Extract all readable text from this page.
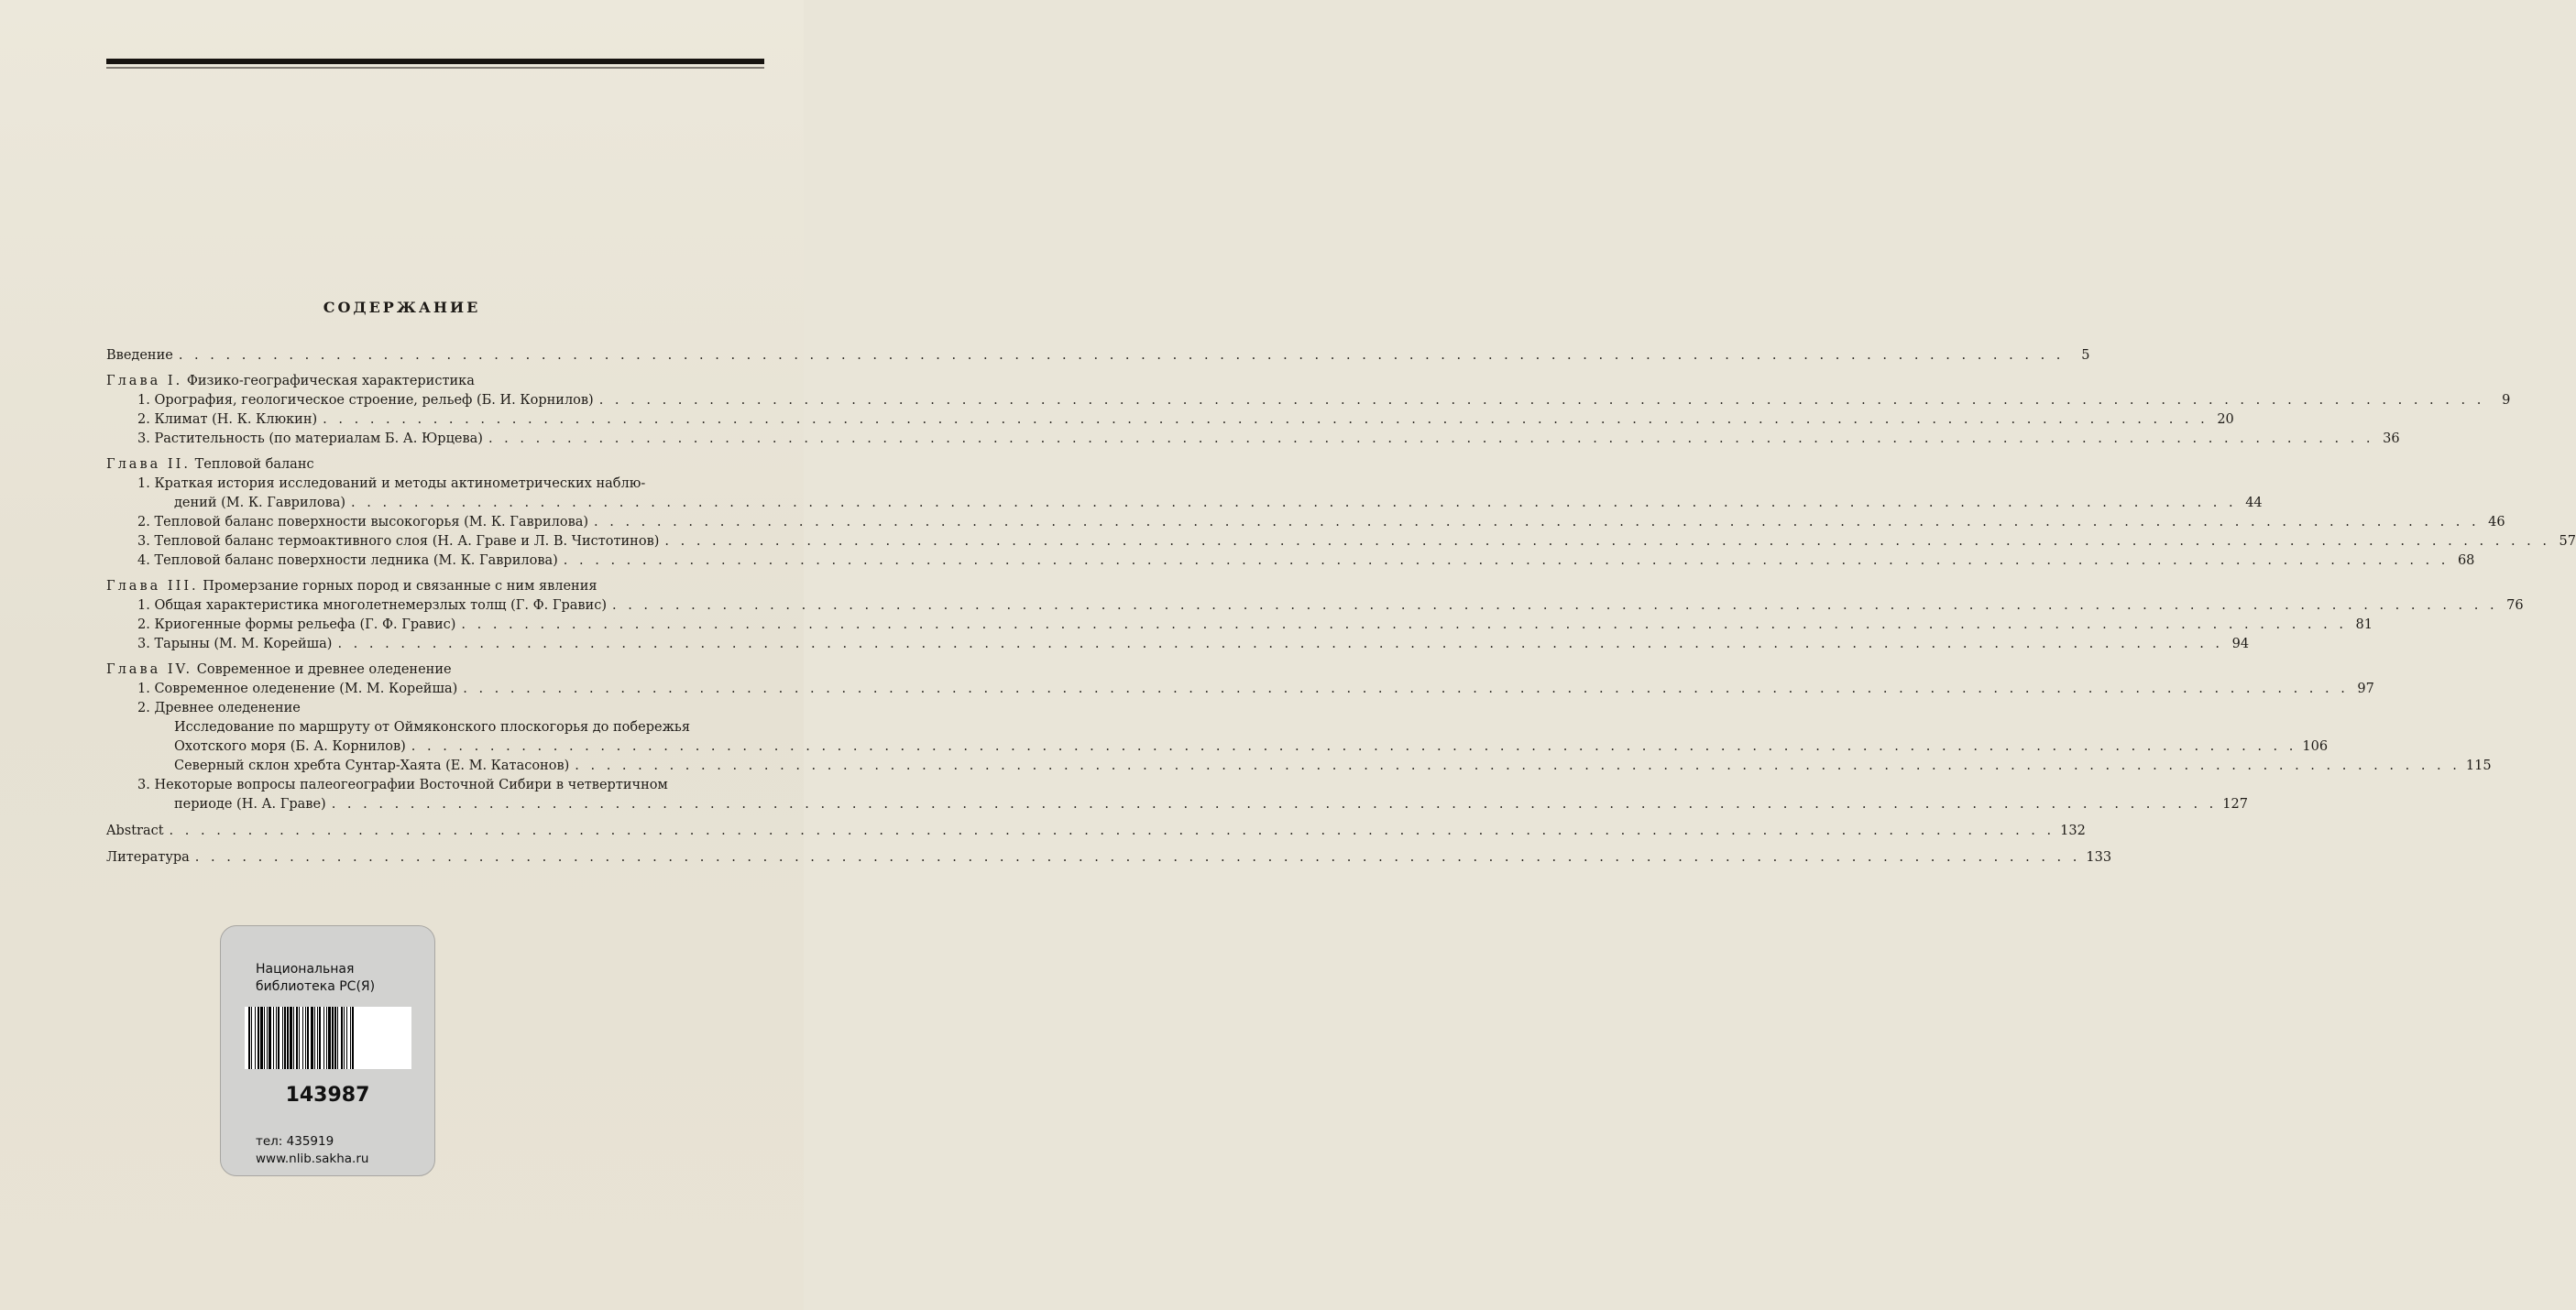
СОДЕРЖАНИЕ
Введение . . . . . . . . . . . . . . . . . . . . . . . . . . . . . . . . . . . . . . . . . . . . . . . . . . . . . . . . . . . . . . . . . . . . . . . . . . . . . . . . . . . . . . . . . . . . . . . . . . . . . . . . . . . . . . . . . . . . . . . .	5
Глава I.
Физико-географическая характеристика
1. Орография, геологическое строение, рельеф (Б. И. Корнилов) . . . . . . . . . . . . . . . . . . . . . . . . . . . . . . . . . . . . . . . . . . . . . . . . . . . . . . . . . . . . . . . . . . . . . . . . . . . . . . . . . . . . . . . . . . . . . . . . . . . . . . . . . . . . . . . . . . . . . . . .	9
2. Климат (Н. К. Клюкин) . . . . . . . . . . . . . . . . . . . . . . . . . . . . . . . . . . . . . . . . . . . . . . . . . . . . . . . . . . . . . . . . . . . . . . . . . . . . . . . . . . . . . . . . . . . . . . . . . . . . . . . . . . . . . . . . . . . . . . . . 20
3. Растительность (по материалам Б. А. Юрцева) . . . . . . . . . . . . . . . . . . . . . . . . . . . . . . . . . . . . . . . . . . . . . . . . . . . . . . . . . . . . . . . . . . . . . . . . . . . . . . . . . . . . . . . . . . . . . . . . . . . . . . . . . . . . . . . . . . . . . . . . 36
Глава II.
Тепловой баланс
1. Краткая история исследований и методы актинометрических наблю-
дений (М. К. Гаврилова) . . . . . . . . . . . . . . . . . . . . . . . . . . . . . . . . . . . . . . . . . . . . . . . . . . . . . . . . . . . . . . . . . . . . . . . . . . . . . . . . . . . . . . . . . . . . . . . . . . . . . . . . . . . . . . . . . . . . . . . . 44
2. Тепловой баланс поверхности высокогорья (М. К. Гаврилова) . . . . . . . . . . . . . . . . . . . . . . . . . . . . . . . . . . . . . . . . . . . . . . . . . . . . . . . . . . . . . . . . . . . . . . . . . . . . . . . . . . . . . . . . . . . . . . . . . . . . . . . . . . . . . . . . . . . . . . . . 46
3. Тепловой баланс термоактивного слоя (Н. А. Граве и Л. В. Чистотинов) . . . . . . . . . . . . . . . . . . . . . . . . . . . . . . . . . . . . . . . . . . . . . . . . . . . . . . . . . . . . . . . . . . . . . . . . . . . . . . . . . . . . . . . . . . . . . . . . . . . . . . . . . . . . . . . . . . . . . . . . 57
4. Тепловой баланс поверхности ледника (М. К. Гаврилова) . . . . . . . . . . . . . . . . . . . . . . . . . . . . . . . . . . . . . . . . . . . . . . . . . . . . . . . . . . . . . . . . . . . . . . . . . . . . . . . . . . . . . . . . . . . . . . . . . . . . . . . . . . . . . . . . . . . . . . . . 68
Глава III.
Промерзание горных пород и связанные с ним явления
1. Общая характеристика многолетнемерзлых толщ (Г. Ф. Гравис) . . . . . . . . . . . . . . . . . . . . . . . . . . . . . . . . . . . . . . . . . . . . . . . . . . . . . . . . . . . . . . . . . . . . . . . . . . . . . . . . . . . . . . . . . . . . . . . . . . . . . . . . . . . . . . . . . . . . . . . . 76
2. Криогенные формы рельефа (Г. Ф. Гравис) . . . . . . . . . . . . . . . . . . . . . . . . . . . . . . . . . . . . . . . . . . . . . . . . . . . . . . . . . . . . . . . . . . . . . . . . . . . . . . . . . . . . . . . . . . . . . . . . . . . . . . . . . . . . . . . . . . . . . . . . 81
3. Тарыны (М. М. Корейша) . . . . . . . . . . . . . . . . . . . . . . . . . . . . . . . . . . . . . . . . . . . . . . . . . . . . . . . . . . . . . . . . . . . . . . . . . . . . . . . . . . . . . . . . . . . . . . . . . . . . . . . . . . . . . . . . . . . . . . . . 94
Глава IV.
Современное и древнее оледенение
1. Современное оледенение (М. М. Корейша) . . . . . . . . . . . . . . . . . . . . . . . . . . . . . . . . . . . . . . . . . . . . . . . . . . . . . . . . . . . . . . . . . . . . . . . . . . . . . . . . . . . . . . . . . . . . . . . . . . . . . . . . . . . . . . . . . . . . . . . . 97
2. Древнее оледенение
Исследование по маршруту от Оймяконского плоскогорья до побережья
Охотского моря (Б. А. Корнилов) . . . . . . . . . . . . . . . . . . . . . . . . . . . . . . . . . . . . . . . . . . . . . . . . . . . . . . . . . . . . . . . . . . . . . . . . . . . . . . . . . . . . . . . . . . . . . . . . . . . . . . . . . . . . . . . . . . . . . . . . 106
Северный склон хребта Сунтар-Хаята (Е. М. Катасонов) . . . . . . . . . . . . . . . . . . . . . . . . . . . . . . . . . . . . . . . . . . . . . . . . . . . . . . . . . . . . . . . . . . . . . . . . . . . . . . . . . . . . . . . . . . . . . . . . . . . . . . . . . . . . . . . . . . . . . . . . 115
3. Некоторые вопросы палеогеографии Восточной Сибири в четвертичном
периоде (Н. А. Граве) . . . . . . . . . . . . . . . . . . . . . . . . . . . . . . . . . . . . . . . . . . . . . . . . . . . . . . . . . . . . . . . . . . . . . . . . . . . . . . . . . . . . . . . . . . . . . . . . . . . . . . . . . . . . . . . . . . . . . . . . 127
Abstract . . . . . . . . . . . . . . . . . . . . . . . . . . . . . . . . . . . . . . . . . . . . . . . . . . . . . . . . . . . . . . . . . . . . . . . . . . . . . . . . . . . . . . . . . . . . . . . . . . . . . . . . . . . . . . . . . . . . . . . . 132
Литература . . . . . . . . . . . . . . . . . . . . . . . . . . . . . . . . . . . . . . . . . . . . . . . . . . . . . . . . . . . . . . . . . . . . . . . . . . . . . . . . . . . . . . . . . . . . . . . . . . . . . . . . . . . . . . . . . . . . . . . . 133
Национальная
библиотека РС(Я)
143987
тел: 435919
www.nlib.sakha.ru
